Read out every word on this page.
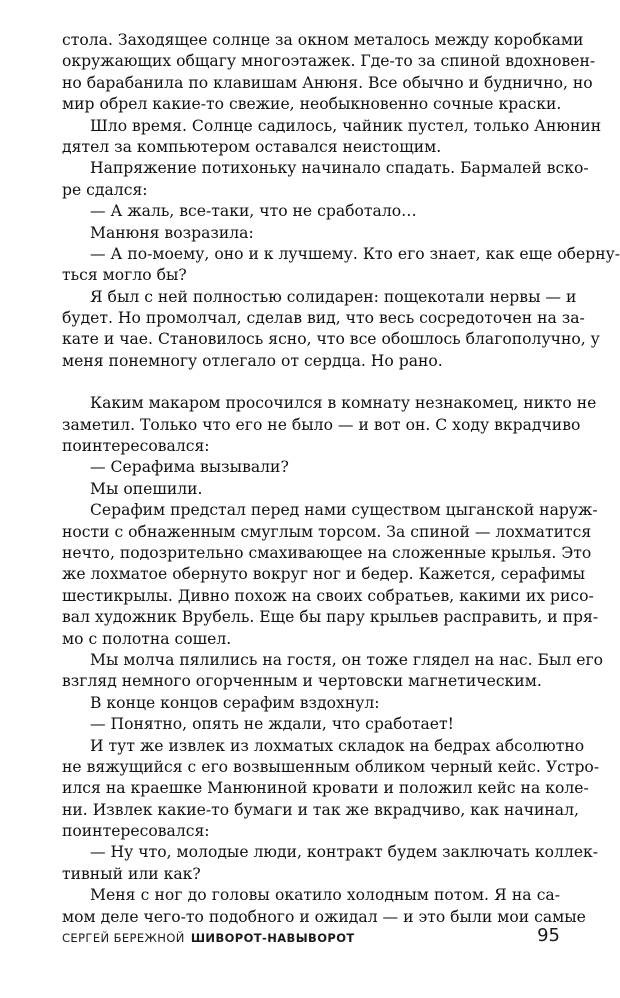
стола. Заходящее солнце за окном металось между коробками
окружающих общагу многоэтажек. Где-то за спиной вдохновен-
но барабанила по клавишам Анюня. Все обычно и буднично, но
мир обрел какие-то свежие, необыкновенно сочные краски.
Шло время. Солнце садилось, чайник пустел, только Анюнин
дятел за компьютером оставался неистощим.
Напряжение потихоньку начинало спадать. Бармалей вско-
ре сдался:
— А жаль, все-таки, что не сработало…
Манюня возразила:
— А по-моему, оно и к лучшему. Кто его знает, как еще оберну-
ться могло бы?
Я был с ней полностью солидарен: пощекотали нервы — и
будет. Но промолчал, сделав вид, что весь сосредоточен на за-
кате и чае. Становилось ясно, что все обошлось благополучно, у
меня понемногу отлегало от сердца. Но рано.
Каким макаром просочился в комнату незнакомец, никто не
заметил. Только что его не было — и вот он. С ходу вкрадчиво
поинтересовался:
— Серафима вызывали?
Мы опешили.
Серафим предстал перед нами существом цыганской наруж-
ности с обнаженным смуглым торсом. За спиной — лохматится
нечто, подозрительно смахивающее на сложенные крылья. Это
же лохматое обернуто вокруг ног и бедер. Кажется, серафимы
шестикрылы. Дивно похож на своих собратьев, какими их рисо-
вал художник Врубель. Еще бы пару крыльев расправить, и пря-
мо с полотна сошел.
Мы молча пялились на гостя, он тоже глядел на нас. Был его
взгляд немного огорченным и чертовски магнетическим.
В конце концов серафим вздохнул:
— Понятно, опять не ждали, что сработает!
И тут же извлек из лохматых складок на бедрах абсолютно
не вяжущийся с его возвышенным обликом черный кейс. Устро-
ился на краешке Манюниной кровати и положил кейс на коле-
ни. Извлек какие-то бумаги и так же вкрадчиво, как начинал,
поинтересовался:
— Ну что, молодые люди, контракт будем заключать коллек-
тивный или как?
Меня с ног до головы окатило холодным потом. Я на са-
мом деле чего-то подобного и ожидал — и это были мои самые
СЕРГЕЙ БЕРЕЖНОЙ ШИВОРОТ-НАВЫВОРОТ	95
